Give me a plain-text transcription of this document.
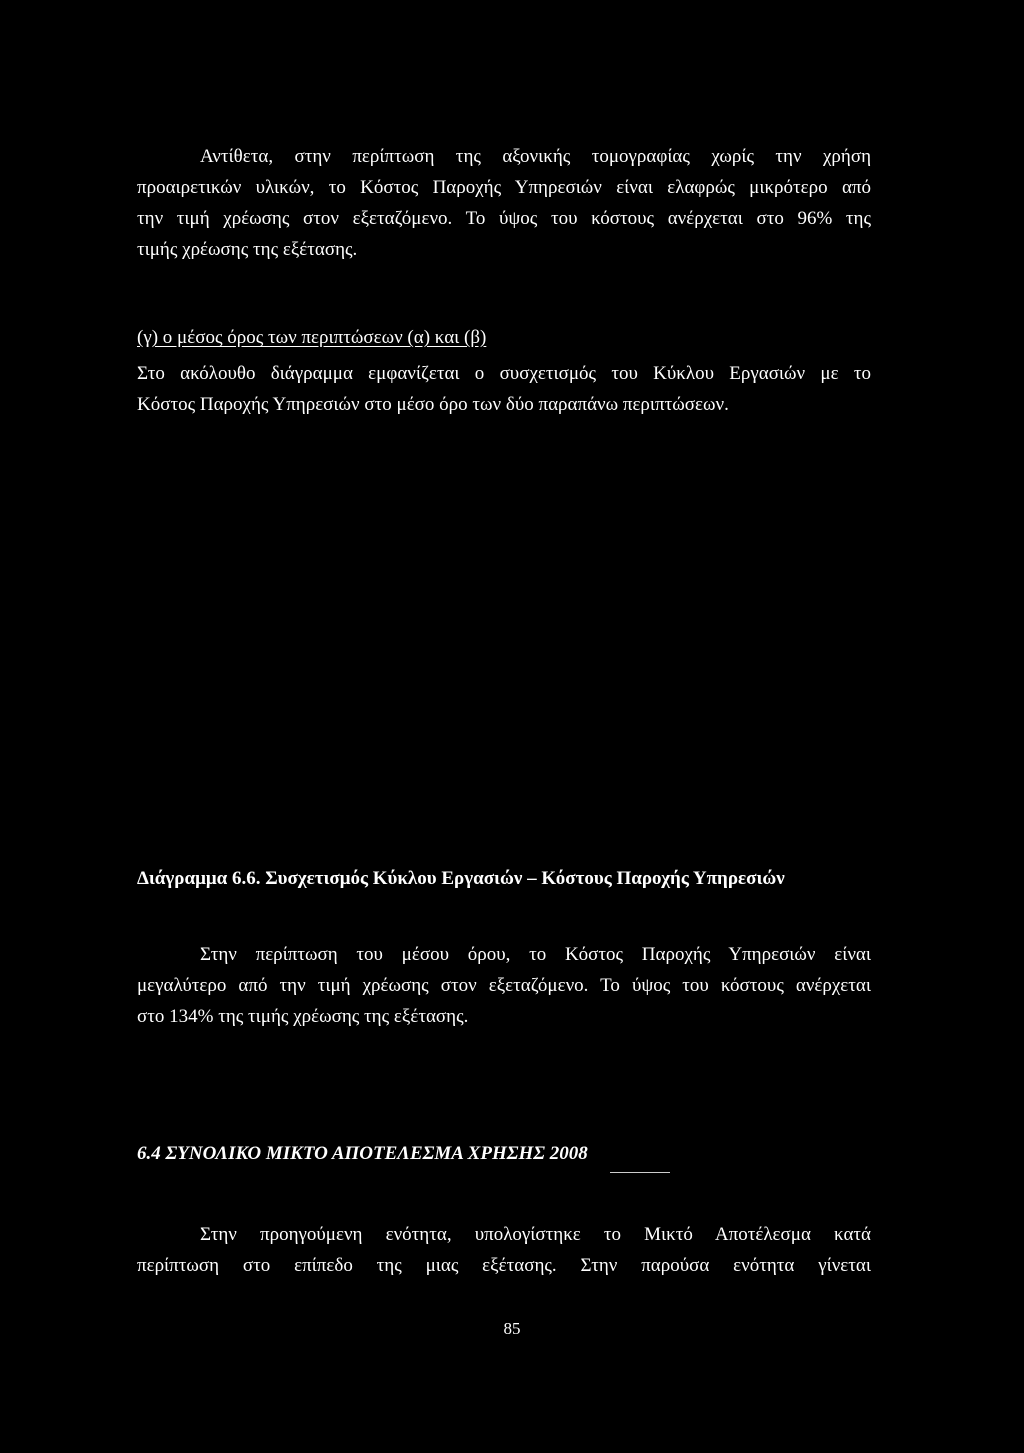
Αντίθετα, στην περίπτωση της αξονικής τομογραφίας χωρίς την χρήση
προαιρετικών υλικών, το Κόστος Παροχής Υπηρεσιών είναι ελαφρώς μικρότερο από
την τιμή χρέωσης στον εξεταζόμενο. Το ύψος του κόστους ανέρχεται στο 96% της
τιμής χρέωσης της εξέτασης.
(γ) ο μέσος όρος των περιπτώσεων (α) και (β)
Στο ακόλουθο διάγραμμα εμφανίζεται ο συσχετισμός του Κύκλου Εργασιών με το
Κόστος Παροχής Υπηρεσιών στο μέσο όρο των δύο παραπάνω περιπτώσεων.
Διάγραμμα 6.6. Συσχετισμός Κύκλου Εργασιών – Κόστους Παροχής Υπηρεσιών
Στην περίπτωση του μέσου όρου, το Κόστος Παροχής Υπηρεσιών είναι
μεγαλύτερο από την τιμή χρέωσης στον εξεταζόμενο. Το ύψος του κόστους ανέρχεται
στο 134% της τιμής χρέωσης της εξέτασης.
6.4 ΣΥΝΟΛΙΚΟ ΜΙΚΤΟ ΑΠΟΤΕΛΕΣΜΑ ΧΡΗΣΗΣ 2008
Στην προηγούμενη ενότητα, υπολογίστηκε το Μικτό Αποτέλεσμα κατά
περίπτωση στο επίπεδο της μιας εξέτασης. Στην παρούσα ενότητα γίνεται
85
